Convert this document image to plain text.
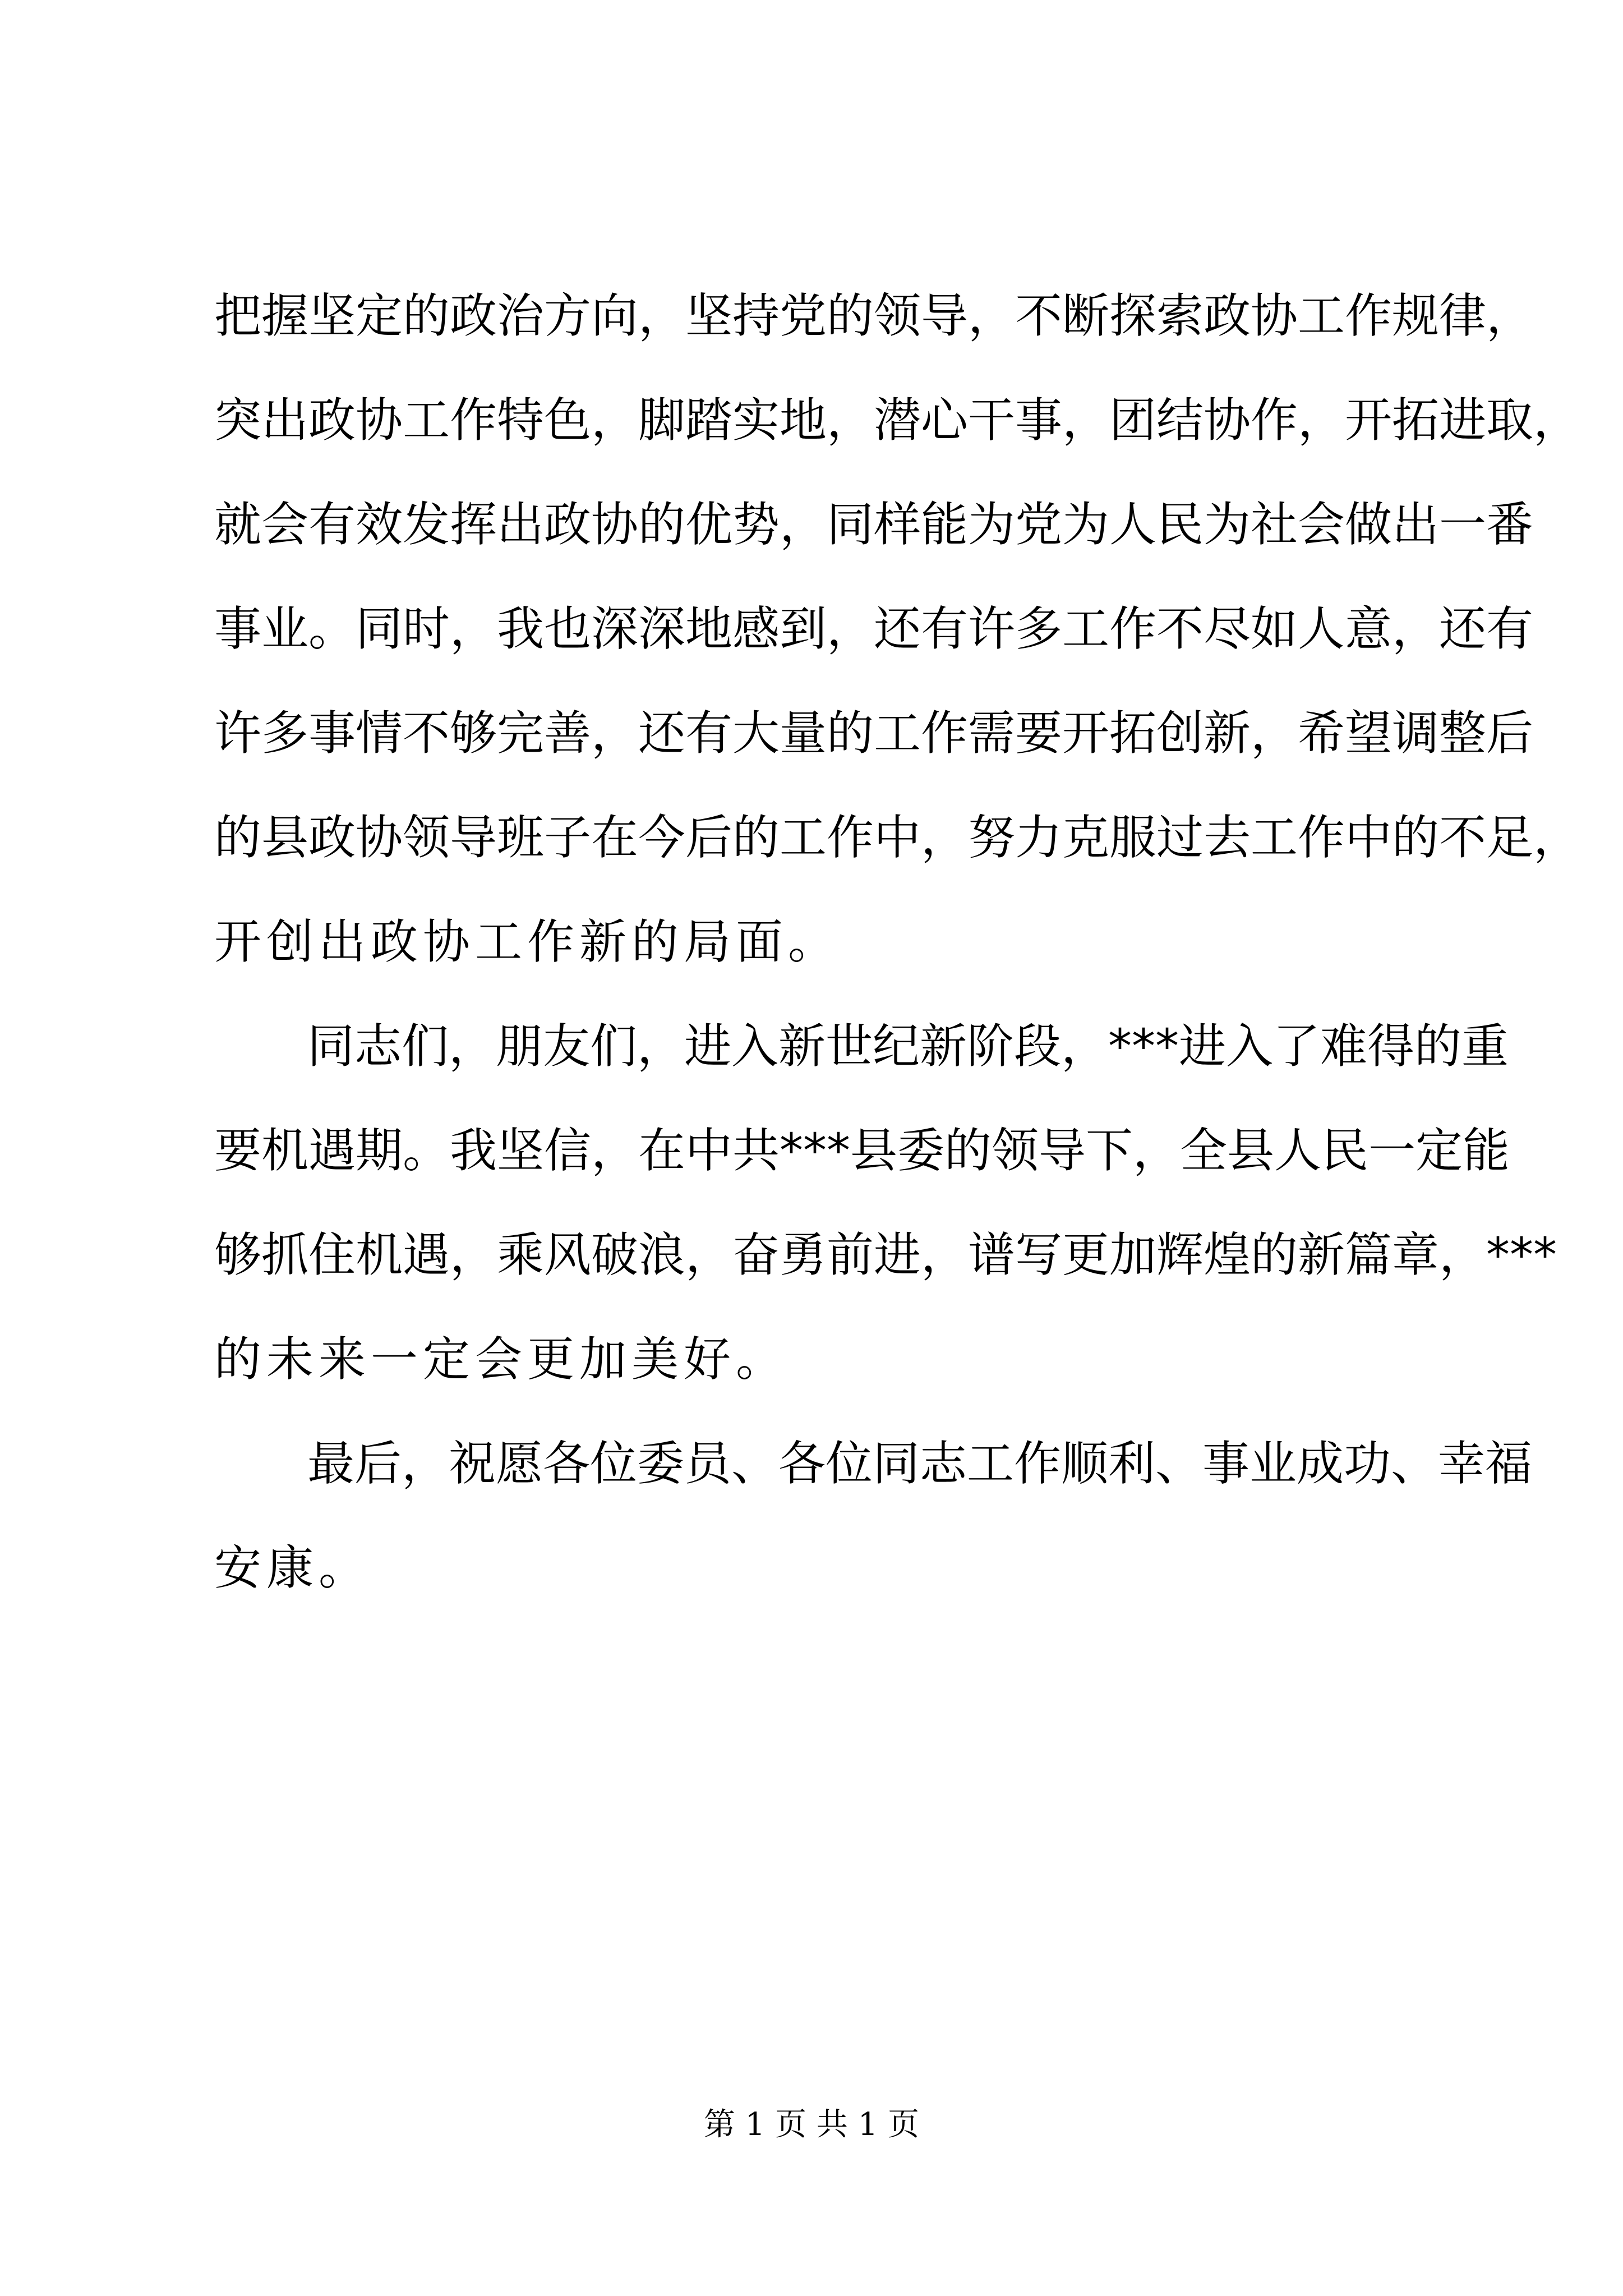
把握坚定的政治方向，坚持党的领导，不断探索政协工作规律，
突出政协工作特色，脚踏实地，潜心干事，团结协作，开拓进取，
就会有效发挥出政协的优势，同样能为党为人民为社会做出一番
事业。同时，我也深深地感到，还有许多工作不尽如人意，还有
许多事情不够完善，还有大量的工作需要开拓创新，希望调整后
的县政协领导班子在今后的工作中，努力克服过去工作中的不足，
开创出政协工作新的局面。
同志们，朋友们，进入新世纪新阶段，***进入了难得的重
要机遇期。我坚信，在中共***县委的领导下，全县人民一定能
够抓住机遇，乘风破浪，奋勇前进，谱写更加辉煌的新篇章，***
的未来一定会更加美好。
最后，祝愿各位委员、各位同志工作顺利、事业成功、幸福
安康。
第 1 页 共 1 页
